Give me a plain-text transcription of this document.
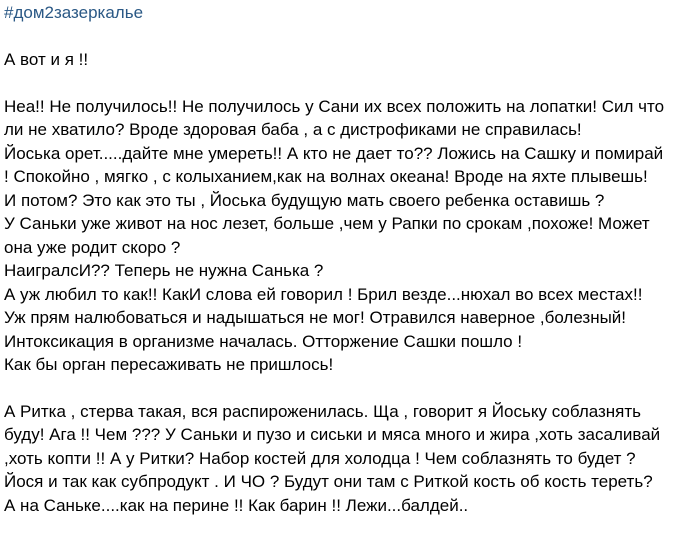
#дом2зазеркалье
А вот и я !!
Неа!! Не получилось!! Не получилось у Сани их всех положить на лопатки! Сил что
ли не хватило? Вроде здоровая баба , а с дистрофиками не справилась!
Йоська орет.....дайте мне умереть!! А кто не дает то?? Ложись на Сашку и помирай
! Спокойно , мягко , с колыханием,как на волнах океана! Вроде на яхте плывешь!
И потом? Это как это ты , Йоська будущую мать своего ребенка оставишь ?
У Саньки уже живот на нос лезет, больше ,чем у Рапки по срокам ,похоже! Может
она уже родит скоро ?
НаигралсИ?? Теперь не нужна Санька ?
А уж любил то как!! КакИ слова ей говорил ! Брил везде...нюхал во всех местах!!
Уж прям налюбоваться и надышаться не мог! Отравился наверное ,болезный!
Интоксикация в организме началась. Отторжение Сашки пошло !
Как бы орган пересаживать не пришлось!
А Ритка , стерва такая, вся распироженилась. Ща , говорит я Йоську соблазнять
буду! Ага !! Чем ??? У Саньки и пузо и сиськи и мяса много и жира ,хоть засаливай
,хоть копти !! А у Ритки? Набор костей для холодца ! Чем соблазнять то будет ?
Йося и так как субпродукт . И ЧО ? Будут они там с Риткой кость об кость тереть?
А на Саньке....как на перине !! Как барин !! Лежи...балдей..
